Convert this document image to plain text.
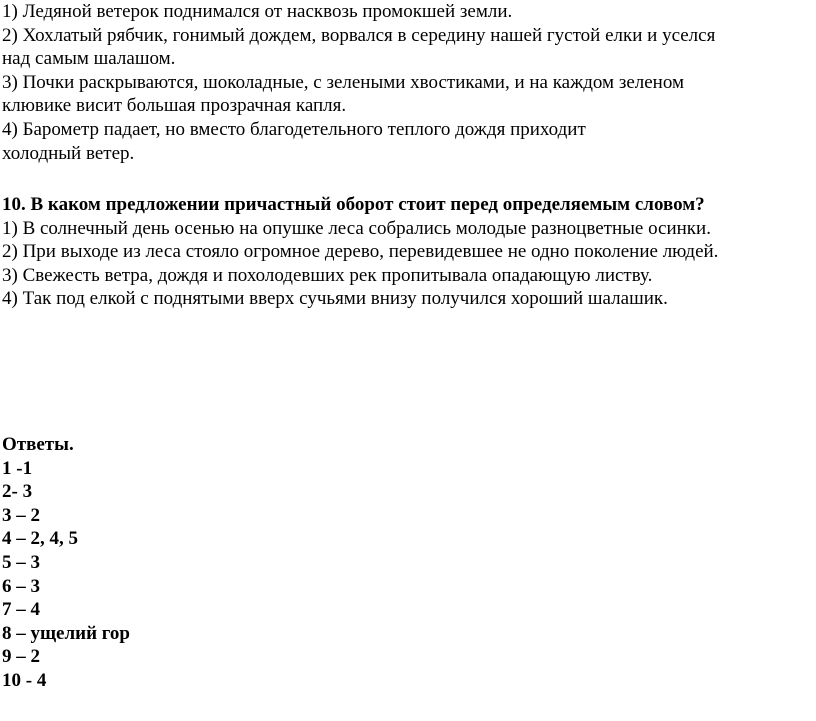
1) Ледяной ветерок поднимался от насквозь промокшей земли.
2) Хохлатый рябчик, гонимый дождем, ворвался в середину нашей густой елки и уселся
над самым шалашом.
3) Почки раскрываются, шоколадные, с зелеными хвостиками, и на каждом зеленом
клювике висит большая прозрачная капля.
4) Барометр падает, но вместо благодетельного теплого дождя приходит
холодный ветер.
10. В каком предложении причастный оборот стоит перед определяемым словом?
1) В солнечный день осенью на опушке леса собрались молодые разноцветные осинки.
2) При выходе из леса стояло огромное дерево, перевидевшее не одно поколение людей.
3) Свежесть ветра, дождя и похолодевших рек пропитывала опадающую листву.
4) Так под елкой с поднятыми вверх сучьями внизу получился хороший шалашик.
Ответы.
1 -1
2- 3
3 – 2
4 – 2, 4, 5
5 – 3
6 – 3
7 – 4
8 – ущелий гор
9 – 2
10 - 4
